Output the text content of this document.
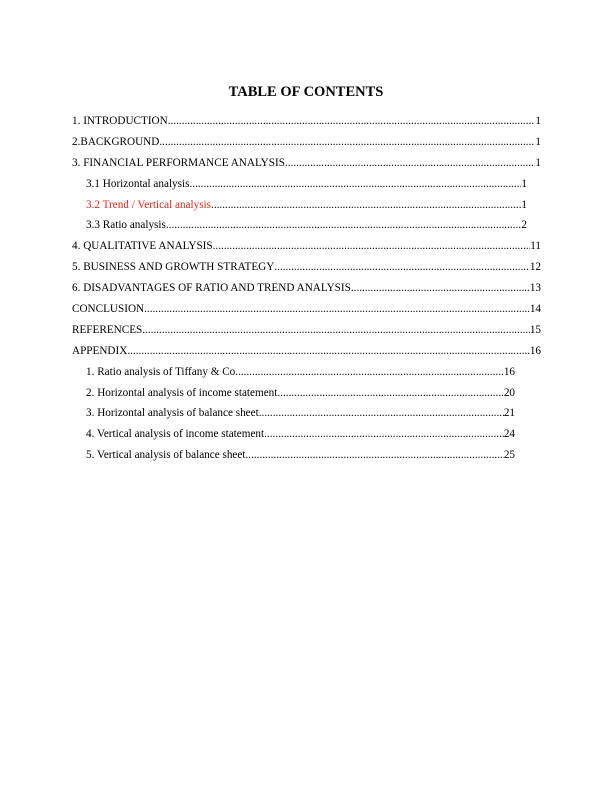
TABLE OF CONTENTS
1. INTRODUCTION .....	1
2.BACKGROUND .....	1
3. FINANCIAL PERFORMANCE ANALYSIS .....	1
3.1 Horizontal analysis .....	1
3.2 Trend / Vertical analysis .....	1
3.3 Ratio analysis .....	2
4. QUALITATIVE ANALYSIS .....	11
5. BUSINESS AND GROWTH STRATEGY .....	12
6. DISADVANTAGES OF RATIO AND TREND ANALYSIS .....	13
CONCLUSION .....	14
REFERENCES .....	15
APPENDIX .....	16
1. Ratio analysis of Tiffany & Co. .....	16
2. Horizontal analysis of income statement .....	20
3. Horizontal analysis of balance sheet .....	21
4. Vertical analysis of income statement .....	24
5. Vertical analysis of balance sheet .....	25
